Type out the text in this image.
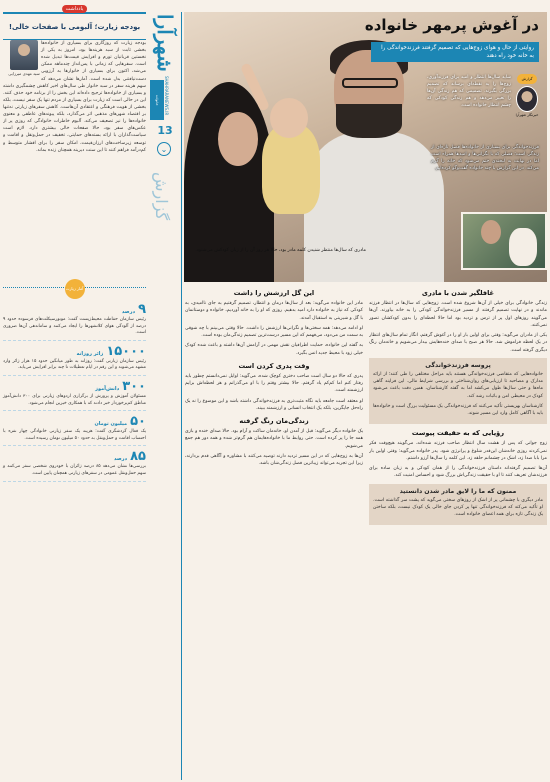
یادداشت
بودجه زیارت؛ آلبومی با صفحات خالی!
سید مهدی میرزایی

بودجه زیارت که روزگاری برای بسیاری از خانواده‌ها بخشی ثابت از سبد هزینه‌ها بود، امروز به یکی از نخستین قربانیان تورم و افزایش قیمت‌ها تبدیل شده است. سفرهایی که زمانی با پس‌انداز چندماهه ممکن می‌شد، اکنون برای بسیاری از خانوارها به آرزویی دست‌نیافتنی بدل شده است. آمارها نشان می‌دهد که سهم هزینه سفر در سبد خانوار طی سال‌های اخیر کاهش چشمگیری داشته و بسیاری از خانواده‌ها ترجیح داده‌اند این بخش را از برنامه خود حذف کنند. این در حالی است که زیارت برای بسیاری از مردم تنها یک سفر نیست، بلکه بخشی از هویت فرهنگی و اعتقادی آن‌هاست. کاهش سفرهای زیارتی نه‌تنها بر اقتصاد شهرهای مذهبی اثر می‌گذارد، بلکه پیوندهای عاطفی و معنوی خانواده‌ها را نیز تضعیف می‌کند. آلبوم خاطرات خانوادگی که روزی پر از عکس‌های سفر بود، حالا صفحات خالی بیشتری دارد. لازم است سیاست‌گذاران با ارائه بسته‌های حمایتی، تخفیف در حمل‌ونقل و اقامت و توسعه زیرساخت‌های ارزان‌قیمت، امکان سفر را برای اقشار متوسط و کم‌درآمد فراهم کنند تا این سنت دیرینه همچنان زنده بماند.

آمار زیارت
۹
درصد

رئیس سازمان حفاظت محیط‌زیست گفت: موتورسیکلت‌های فرسوده حدود ۹ درصد از آلودگی هوای کلانشهرها را ایجاد می‌کنند و ساماندهی آن‌ها ضروری است.

۱۵۰۰۰
زائر روزانه

رئیس سازمان زیارتی گفت: روزانه به طور میانگین حدود ۱۵ هزار زائر وارد مشهد می‌شوند و این رقم در ایام تعطیلات تا چند برابر افزایش می‌یابد.

۳۰۰
دانش‌آموز

مسئولان آموزش و پرورش از برگزاری اردوهای زیارتی برای ۳۰۰ دانش‌آموز مناطق کم‌برخوردار خبر دادند که با همکاری خیرین انجام می‌شود.

۵۰
میلیون تومان

یک فعال گردشگری گفت: هزینه یک سفر زیارتی خانوادگی چهار نفره با احتساب اقامت و حمل‌ونقل به حدود ۵۰ میلیون تومان رسیده است.

۸۵
درصد

بررسی‌ها نشان می‌دهد ۸۵ درصد زائران با خودروی شخصی سفر می‌کنند و سهم حمل‌ونقل عمومی در سفرهای زیارتی همچنان پایین است.

شهرآرا
SHAHRARANEWS.IR
خانواده
13
⌄
گزارش
در آغوش پرمهر خانواده
روایتی از حال و هوای زوج‌هایی که تصمیم گرفتند فرزندخواندگی را به خانه خود راه دهند
گزارش
خبرنگار شهرآرا

شاید سال‌ها انتظار و امید برای فرزندآوری، زوج‌ها را به نقطه‌ای برساند که تصمیم بزرگی بگیرند. تصمیمی که هم زندگی آن‌ها را تغییر می‌دهد و هم زندگی کودکی که چشم انتظار خانواده است.

فرزندخواندگی برای بسیاری از خانواده‌ها فصل تازه‌ای از زندگی است؛ فصلی که با نگرانی‌ها و امیدها همراه است اما در نهایت به لبخندی ختم می‌شود که خانه را گرم می‌کند. در این گزارش با چند خانواده گفت‌وگو کرده‌ایم.

مادری که سال‌ها منتظر شنیدن کلمه مادر بود، حالا هر روز آن را از زبان کودکش می‌شنود.

غافلگیر شدن با مادری

زندگی خانوادگی برای خیلی از آن‌ها شروع شده است. زوج‌هایی که سال‌ها در انتظار فرزند ماندند و در نهایت تصمیم گرفتند از مسیر فرزندخواندگی کودکی را به خانه بیاورند. آن‌ها می‌گویند روزهای اول پر از ترس و تردید بود اما حالا لحظه‌ای را بدون کودکشان تصور نمی‌کنند.

یکی از مادران می‌گوید: وقتی برای اولین بار او را در آغوش گرفتم، انگار تمام سال‌های انتظار در یک لحظه فراموش شد. حالا هر صبح با صدای خنده‌هایش بیدار می‌شویم و خانه‌مان رنگ دیگری گرفته است.

پروسه فرزندخواندگی

خانواده‌هایی که متقاضی فرزندخواندگی هستند باید مراحل مختلفی را طی کنند؛ از ارائه مدارک و مصاحبه تا ارزیابی‌های روان‌شناختی و بررسی شرایط مالی. این فرایند گاهی ماه‌ها و حتی سال‌ها طول می‌کشد اما به گفته کارشناسان، همین دقت باعث می‌شود کودک در محیطی امن و باثبات رشد کند.

کارشناسان بهزیستی تأکید می‌کنند که فرزندخواندگی یک مسئولیت بزرگ است و خانواده‌ها باید با آگاهی کامل وارد این مسیر شوند.

رؤیایی که به حقیقت پیوست

زوج جوانی که پس از هشت سال انتظار صاحب فرزند شده‌اند، می‌گویند هیچ‌وقت فکر نمی‌کردند روزی خانه‌شان این‌قدر شلوغ و پرانرژی شود. پدر خانواده می‌گوید: وقتی اولین بار مرا بابا صدا زد، اشک در چشمانم حلقه زد. این کلمه را سال‌ها آرزو داشتم.

آن‌ها تصمیم گرفته‌اند داستان فرزندخواندگی را از همان کودکی و به زبان ساده برای فرزندشان تعریف کنند تا او با حقیقت زندگی‌اش بزرگ شود و احساس امنیت کند.

ممنون که ما را لایق مادر شدن دانستید

مادر دیگری با چشمانی پر از اشک از روزهای سختی می‌گوید که پشت سر گذاشته است. او تأکید می‌کند که فرزندخواندگی تنها پر کردن جای خالی یک کودک نیست، بلکه ساختن یک زندگی تازه برای همه اعضای خانواده است.

این گل ارزشش را داشت

مادر این خانواده می‌گوید: بعد از سال‌ها درمان و انتظار، تصمیم گرفتیم به جای ناامیدی، به کودکی که نیاز به خانواده دارد امید بدهیم. روزی که او را به خانه آوردیم، خانواده و دوستانمان با گل و شیرینی به استقبال آمدند.

او ادامه می‌دهد: همه سختی‌ها و نگرانی‌ها ارزشش را داشت. حالا وقتی می‌بینم با چه شوقی به سمت من می‌دود، می‌فهمم که این مسیر درست‌ترین تصمیم زندگی‌مان بوده است.

به گفته این خانواده، حمایت اطرافیان نقش مهمی در آرامش آن‌ها داشته و باعث شده کودک خیلی زود با محیط جدید انس بگیرد.

وقت پدری کردن است

پدری که حالا دو سال است صاحب دختری کوچک شده، می‌گوید: اوایل نمی‌دانستم چطور باید رفتار کنم اما کم‌کم یاد گرفتم. حالا بیشتر وقتم را با او می‌گذرانم و هر لحظه‌اش برایم ارزشمند است.

او معتقد است جامعه باید نگاه مثبت‌تری به فرزندخواندگی داشته باشد و این موضوع را نه یک راه‌حل جایگزین، بلکه یک انتخاب انسانی و ارزشمند ببیند.

زندگی‌مان رنگ گرفته

یک خانواده دیگر می‌گوید: قبل از آمدن او، خانه‌مان ساکت و آرام بود. حالا صدای خنده و بازی همه جا را پر کرده است. حتی روابط ما با خانواده‌هایمان هم گرم‌تر شده و همه دور هم جمع می‌شویم.

آن‌ها به زوج‌هایی که در این مسیر تردید دارند توصیه می‌کنند با مشاوره و آگاهی قدم بردارند، زیرا این تجربه می‌تواند زیباترین فصل زندگی‌شان باشد.
